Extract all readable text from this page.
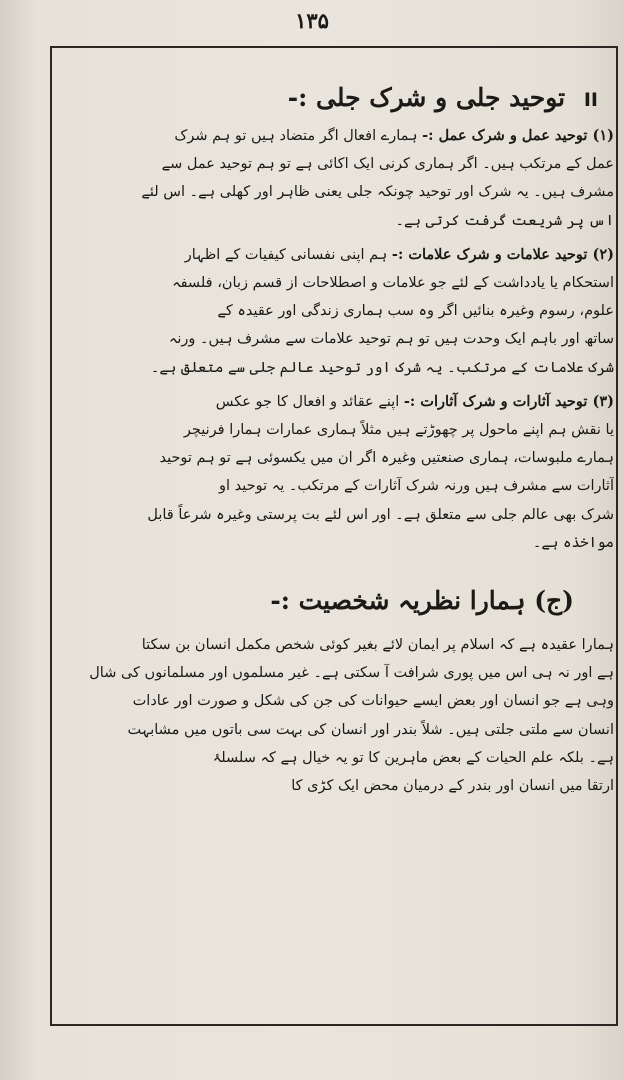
۱۳۵
II توحید جلی و شرک جلی :-
(۱) توحید عمل و شرک عمل :- ہمارے افعال اگر متضاد ہیں تو ہم شرک
عمل کے مرتکب ہیں۔ اگر ہماری کرنی ایک اکائی ہے تو ہم توحید عمل سے
مشرف ہیں۔ یہ شرک اور توحید چونکہ جلی یعنی ظاہر اور کھلی ہے۔ اس لئے
اس پر شریعت گرفت کرتی ہے۔
(۲) توحید علامات و شرک علامات :- ہم اپنی نفسانی کیفیات کے اظہار
استحکام یا یادداشت کے لئے جو علامات و اصطلاحات از قسم زبان، فلسفہ
علوم، رسوم وغیرہ بنائیں اگر وہ سب ہماری زندگی اور عقیدہ کے
ساتھ اور باہم ایک وحدت ہیں تو ہم توحید علامات سے مشرف ہیں۔ ورنہ
شرک علامات کے مرتکب۔ یہ شرک اور توحید عالم جلی سے متعلق ہے۔
(۳) توحید آثارات و شرک آثارات :- اپنے عقائد و افعال کا جو عکس
یا نقش ہم اپنے ماحول پر چھوڑتے ہیں مثلاً ہماری عمارات ہمارا فرنیچر
ہمارے ملبوسات، ہماری صنعتیں وغیرہ اگر ان میں یکسوئی ہے تو ہم توحید
آثارات سے مشرف ہیں ورنہ شرک آثارات کے مرتکب۔ یہ توحید او
شرک بھی عالم جلی سے متعلق ہے۔ اور اس لئے بت پرستی وغیرہ شرعاً قابل
مواخذہ ہے۔
(ج) ہمارا نظریہ شخصیت :-
ہمارا عقیدہ ہے کہ اسلام پر ایمان لائے بغیر کوئی شخص مکمل انسان بن سکتا
ہے اور نہ ہی اس میں پوری شرافت آ سکتی ہے۔ غیر مسلموں اور مسلمانوں کی شال
وہی ہے جو انسان اور بعض ایسے حیوانات کی جن کی شکل و صورت اور عادات
انسان سے ملتی جلتی ہیں۔ شلاً بندر اور انسان کی بہت سی باتوں میں مشابہت
ہے۔ بلکہ علم الحیات کے بعض ماہرین کا تو یہ خیال ہے کہ سلسلۂ
ارتقا میں انسان اور بندر کے درمیان محض ایک کڑی کا
